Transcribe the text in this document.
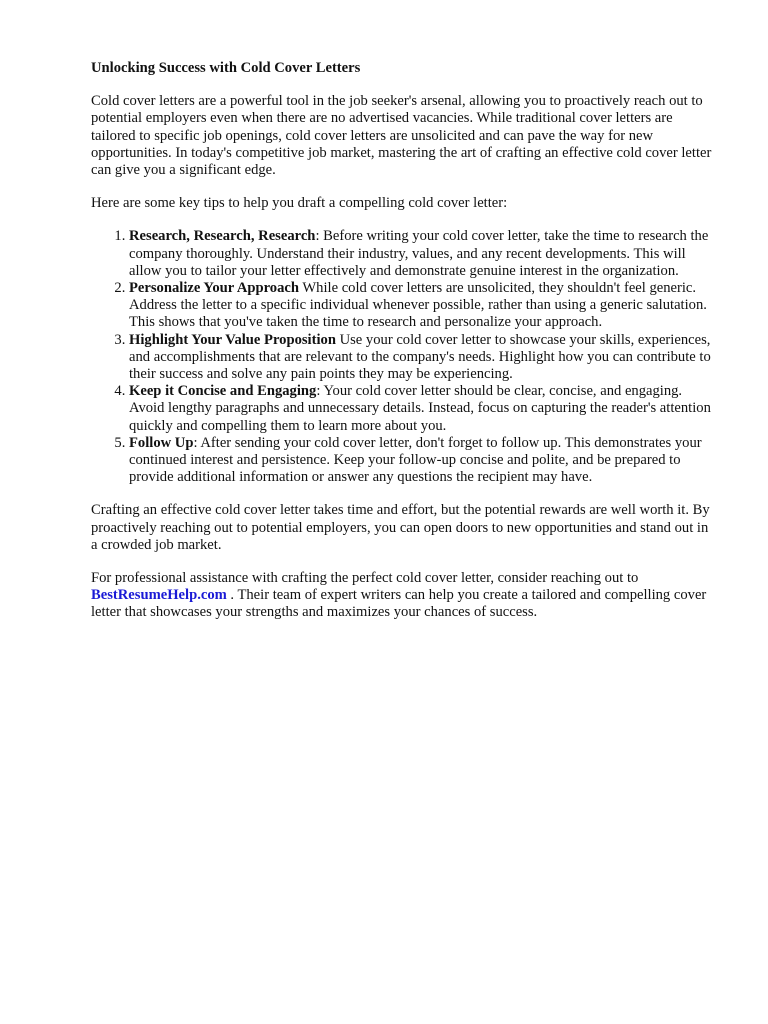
Unlocking Success with Cold Cover Letters

Cold cover letters are a powerful tool in the job seeker's arsenal, allowing you to proactively reach out to potential employers even when there are no advertised vacancies. While traditional cover letters are tailored to specific job openings, cold cover letters are unsolicited and can pave the way for new opportunities. In today's competitive job market, mastering the art of crafting an effective cold cover letter can give you a significant edge.

Here are some key tips to help you draft a compelling cold cover letter:

1. Research, Research, Research: Before writing your cold cover letter, take the time to research the company thoroughly. Understand their industry, values, and any recent developments. This will allow you to tailor your letter effectively and demonstrate genuine interest in the organization.
2. Personalize Your Approach While cold cover letters are unsolicited, they shouldn't feel generic. Address the letter to a specific individual whenever possible, rather than using a generic salutation. This shows that you've taken the time to research and personalize your approach.
3. Highlight Your Value Proposition Use your cold cover letter to showcase your skills, experiences, and accomplishments that are relevant to the company's needs. Highlight how you can contribute to their success and solve any pain points they may be experiencing.
4. Keep it Concise and Engaging: Your cold cover letter should be clear, concise, and engaging. Avoid lengthy paragraphs and unnecessary details. Instead, focus on capturing the reader's attention quickly and compelling them to learn more about you.
5. Follow Up: After sending your cold cover letter, don't forget to follow up. This demonstrates your continued interest and persistence. Keep your follow-up concise and polite, and be prepared to provide additional information or answer any questions the recipient may have.

Crafting an effective cold cover letter takes time and effort, but the potential rewards are well worth it. By proactively reaching out to potential employers, you can open doors to new opportunities and stand out in a crowded job market.

For professional assistance with crafting the perfect cold cover letter, consider reaching out to BestResumeHelp.com . Their team of expert writers can help you create a tailored and compelling cover letter that showcases your strengths and maximizes your chances of success.
